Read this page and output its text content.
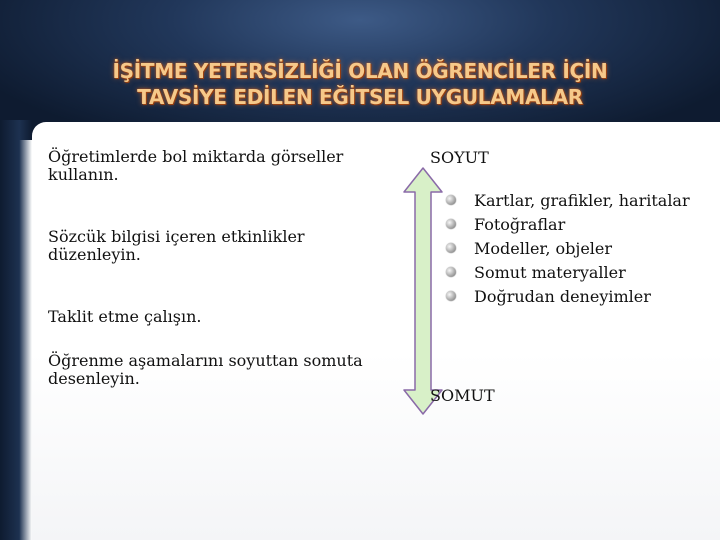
İŞİTME YETERSİZLİĞİ OLAN ÖĞRENCİLER İÇİN
TAVSİYE EDİLEN EĞİTSEL UYGULAMALAR

Öğretimlerde bol miktarda görseller kullanın.

Sözcük bilgisi içeren etkinlikler düzenleyin.

Taklit etme çalışın.

Öğrenme aşamalarını soyuttan somuta desenleyin.

SOYUT
Kartlar, grafikler, haritalar
Fotoğraflar
Modeller, objeler
Somut materyaller
Doğrudan deneyimler
SOMUT
